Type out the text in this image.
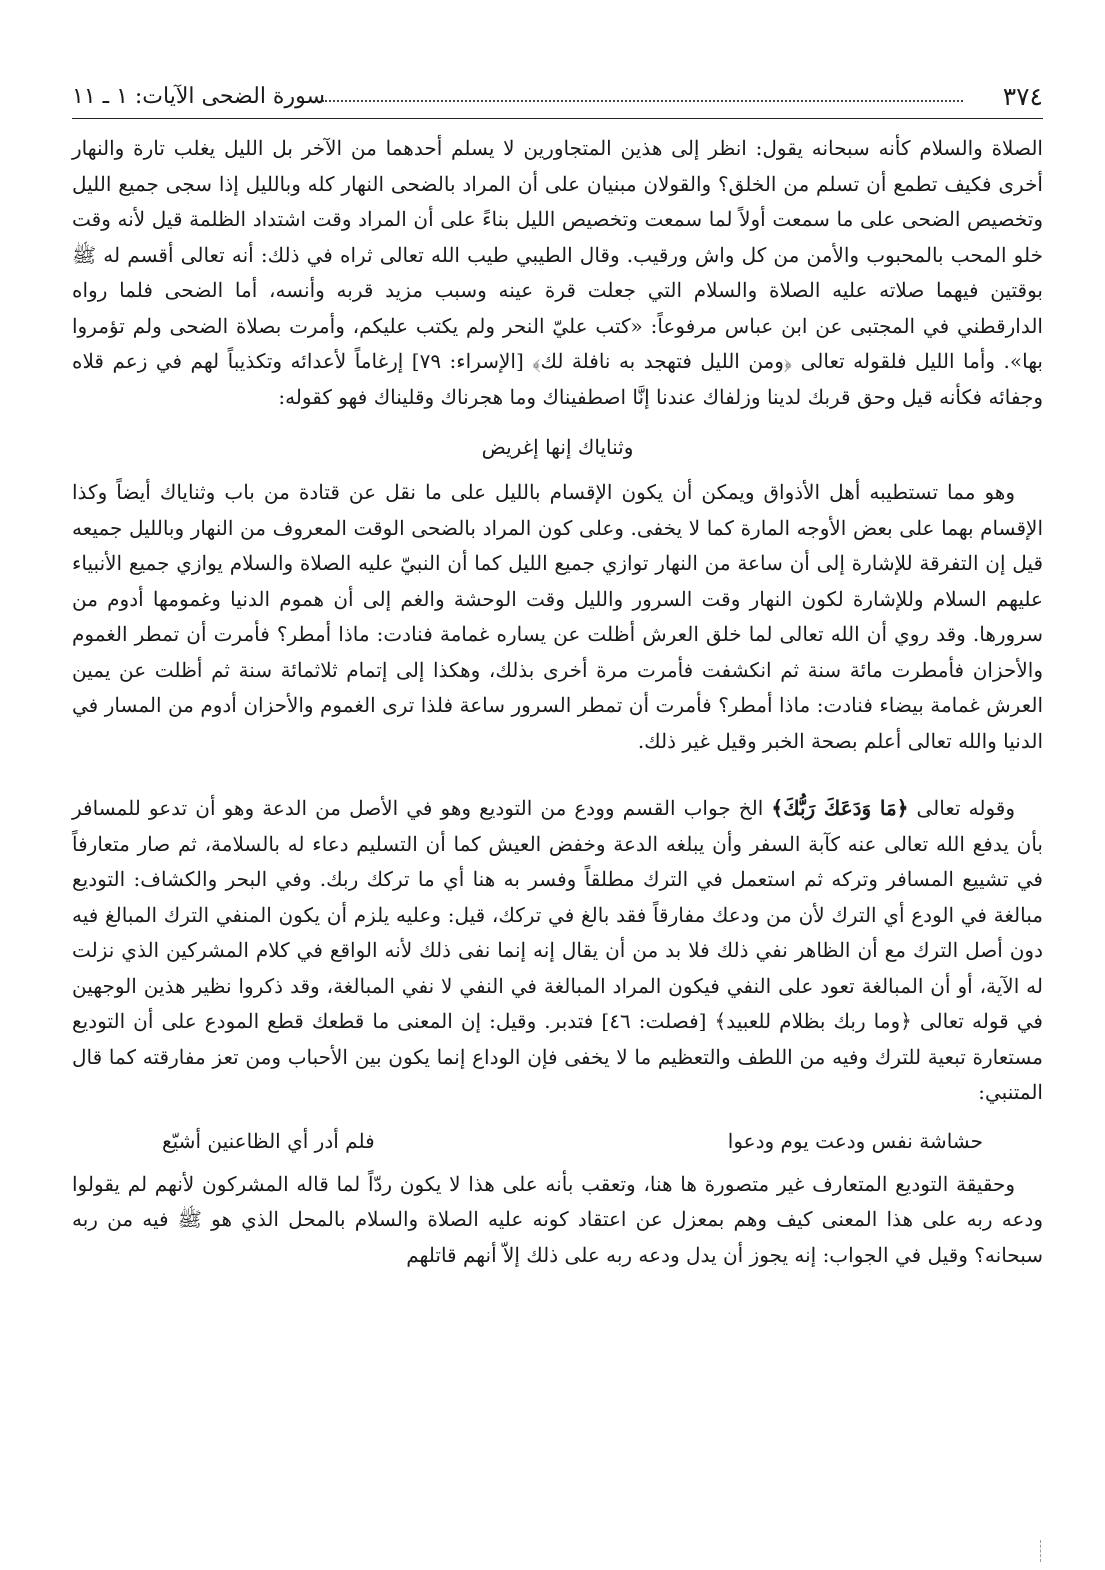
٣٧٤
سورة الضحى الآيات: ١ ـ ١١

الصلاة والسلام كأنه سبحانه يقول: انظر إلى هذين المتجاورين لا يسلم أحدهما من الآخر بل الليل يغلب تارة والنهار أخرى فكيف تطمع أن تسلم من الخلق؟ والقولان مبنيان على أن المراد بالضحى النهار كله وبالليل إذا سجى جميع الليل وتخصيص الضحى على ما سمعت أولاً لما سمعت وتخصيص الليل بناءً على أن المراد وقت اشتداد الظلمة قيل لأنه وقت خلو المحب بالمحبوب والأمن من كل واش ورقيب. وقال الطيبي طيب الله تعالى ثراه في ذلك: أنه تعالى أقسم له ﷺ بوقتين فيهما صلاته عليه الصلاة والسلام التي جعلت قرة عينه وسبب مزيد قربه وأنسه، أما الضحى فلما رواه الدارقطني في المجتبى عن ابن عباس مرفوعاً: «كتب عليّ النحر ولم يكتب عليكم، وأمرت بصلاة الضحى ولم تؤمروا بها». وأما الليل فلقوله تعالى ﴿ومن الليل فتهجد به نافلة لك﴾ [الإسراء: ٧٩] إرغاماً لأعدائه وتكذيباً لهم في زعم قلاه وجفائه فكأنه قيل وحق قربك لدينا وزلفاك عندنا إنَّا اصطفيناك وما هجرناك وقليناك فهو كقوله:

وثناياك إنها إغريض

وهو مما تستطيبه أهل الأذواق ويمكن أن يكون الإقسام بالليل على ما نقل عن قتادة من باب وثناياك أيضاً وكذا الإقسام بهما على بعض الأوجه المارة كما لا يخفى. وعلى كون المراد بالضحى الوقت المعروف من النهار وبالليل جميعه قيل إن التفرقة للإشارة إلى أن ساعة من النهار توازي جميع الليل كما أن النبيّ عليه الصلاة والسلام يوازي جميع الأنبياء عليهم السلام وللإشارة لكون النهار وقت السرور والليل وقت الوحشة والغم إلى أن هموم الدنيا وغمومها أدوم من سرورها. وقد روي أن الله تعالى لما خلق العرش أظلت عن يساره غمامة فنادت: ماذا أمطر؟ فأمرت أن تمطر الغموم والأحزان فأمطرت مائة سنة ثم انكشفت فأمرت مرة أخرى بذلك، وهكذا إلى إتمام ثلاثمائة سنة ثم أظلت عن يمين العرش غمامة بيضاء فنادت: ماذا أمطر؟ فأمرت أن تمطر السرور ساعة فلذا ترى الغموم والأحزان أدوم من المسار في الدنيا والله تعالى أعلم بصحة الخبر وقيل غير ذلك.

وقوله تعالى ﴿مَا وَدَعَكَ رَبُّكَ﴾ الخ جواب القسم وودع من التوديع وهو في الأصل من الدعة وهو أن تدعو للمسافر بأن يدفع الله تعالى عنه كآبة السفر وأن يبلغه الدعة وخفض العيش كما أن التسليم دعاء له بالسلامة، ثم صار متعارفاً في تشييع المسافر وتركه ثم استعمل في الترك مطلقاً وفسر به هنا أي ما تركك ربك. وفي البحر والكشاف: التوديع مبالغة في الودع أي الترك لأن من ودعك مفارقاً فقد بالغ في تركك، قيل: وعليه يلزم أن يكون المنفي الترك المبالغ فيه دون أصل الترك مع أن الظاهر نفي ذلك فلا بد من أن يقال إنه إنما نفى ذلك لأنه الواقع في كلام المشركين الذي نزلت له الآية، أو أن المبالغة تعود على النفي فيكون المراد المبالغة في النفي لا نفي المبالغة، وقد ذكروا نظير هذين الوجهين في قوله تعالى ﴿وما ربك بظلام للعبيد﴾ [فصلت: ٤٦] فتدبر. وقيل: إن المعنى ما قطعك قطع المودع على أن التوديع مستعارة تبعية للترك وفيه من اللطف والتعظيم ما لا يخفى فإن الوداع إنما يكون بين الأحباب ومن تعز مفارقته كما قال المتنبي:

حشاشة نفس ودعت يوم ودعوا
فلم أدر أي الظاعنين أشيّع

وحقيقة التوديع المتعارف غير متصورة ها هنا، وتعقب بأنه على هذا لا يكون ردّاً لما قاله المشركون لأنهم لم يقولوا ودعه ربه على هذا المعنى كيف وهم بمعزل عن اعتقاد كونه عليه الصلاة والسلام بالمحل الذي هو ﷺ فيه من ربه سبحانه؟ وقيل في الجواب: إنه يجوز أن يدل ودعه ربه على ذلك إلاّ أنهم قاتلهم
